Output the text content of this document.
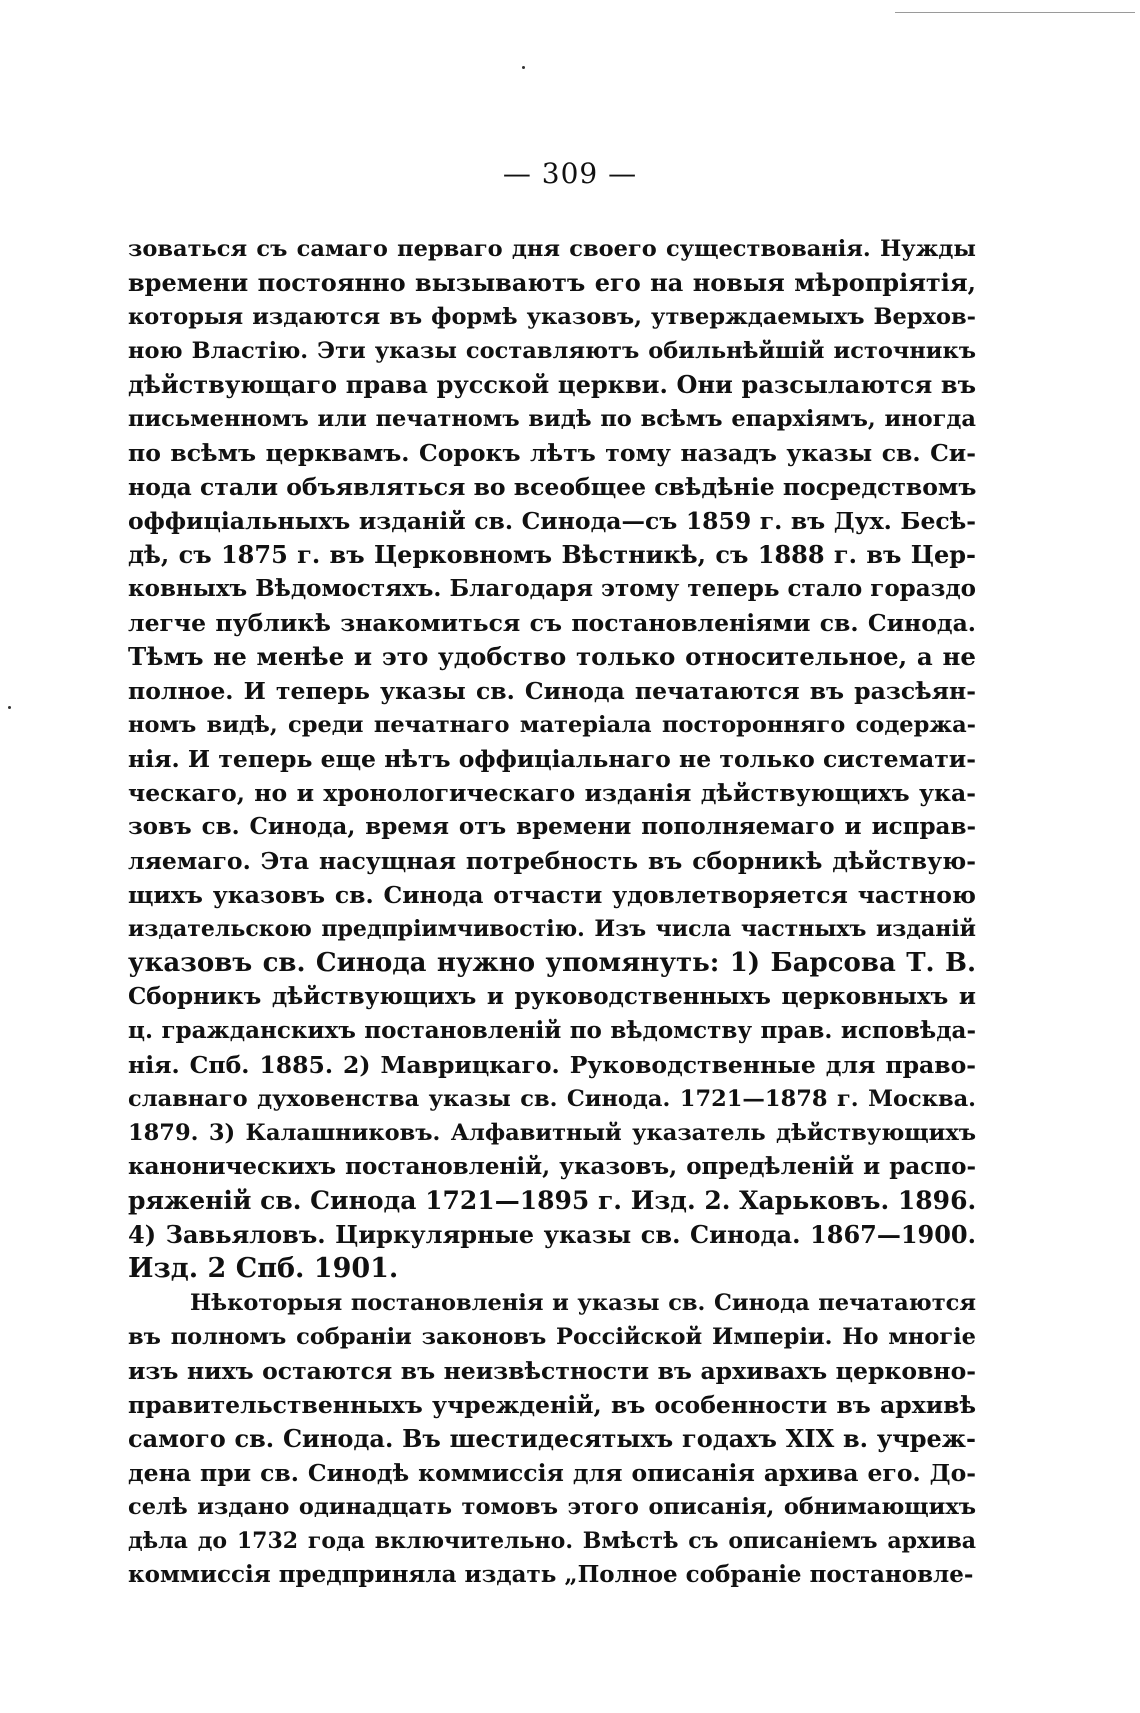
— 309 —
зоваться съ самаго перваго дня своего существованія. Нужды
времени постоянно вызываютъ его на новыя мѣропріятія,
которыя издаются въ формѣ указовъ, утверждаемыхъ Верхов-
ною Властію. Эти указы составляютъ обильнѣйшій источникъ
дѣйствующаго права русской церкви. Они разсылаются въ
письменномъ или печатномъ видѣ по всѣмъ епархіямъ, иногда
по всѣмъ церквамъ. Сорокъ лѣтъ тому назадъ указы св. Си-
нода стали объявляться во всеобщее свѣдѣніе посредствомъ
оффиціальныхъ изданій св. Синода—съ 1859 г. въ Дух. Бесѣ-
дѣ, съ 1875 г. въ Церковномъ Вѣстникѣ, съ 1888 г. въ Цер-
ковныхъ Вѣдомостяхъ. Благодаря этому теперь стало гораздо
легче публикѣ знакомиться съ постановленіями св. Синода.
Тѣмъ не менѣе и это удобство только относительное, а не
полное. И теперь указы св. Синода печатаются въ разсѣян-
номъ видѣ, среди печатнаго матеріала посторонняго содержа-
нія. И теперь еще нѣтъ оффиціальнаго не только системати-
ческаго, но и хронологическаго изданія дѣйствующихъ ука-
зовъ св. Синода, время отъ времени пополняемаго и исправ-
ляемаго. Эта насущная потребность въ сборникѣ дѣйствую-
щихъ указовъ св. Синода отчасти удовлетворяется частною
издательскою предпріимчивостію. Изъ числа частныхъ изданій
указовъ св. Синода нужно упомянуть: 1) Барсова Т. В.
Сборникъ дѣйствующихъ и руководственныхъ церковныхъ и
ц. гражданскихъ постановленій по вѣдомству прав. исповѣда-
нія. Спб. 1885. 2) Маврицкаго. Руководственные для право-
славнаго духовенства указы св. Синода. 1721—1878 г. Москва.
1879. 3) Калашниковъ. Алфавитный указатель дѣйствующихъ
каноническихъ постановленій, указовъ, опредѣленій и распо-
ряженій св. Синода 1721—1895 г. Изд. 2. Харьковъ. 1896.
4) Завьяловъ. Циркулярные указы св. Синода. 1867—1900.
Изд. 2 Спб. 1901.
Нѣкоторыя постановленія и указы св. Синода печатаются
въ полномъ собраніи законовъ Россійской Имперіи. Но многіе
изъ нихъ остаются въ неизвѣстности въ архивахъ церковно-
правительственныхъ учрежденій, въ особенности въ архивѣ
самого св. Синода. Въ шестидесятыхъ годахъ XIX в. учреж-
дена при св. Синодѣ коммиссія для описанія архива его. До-
селѣ издано одинадцать томовъ этого описанія, обнимающихъ
дѣла до 1732 года включительно. Вмѣстѣ съ описаніемъ архива
коммиссія предприняла издать „Полное собраніе постановле-
